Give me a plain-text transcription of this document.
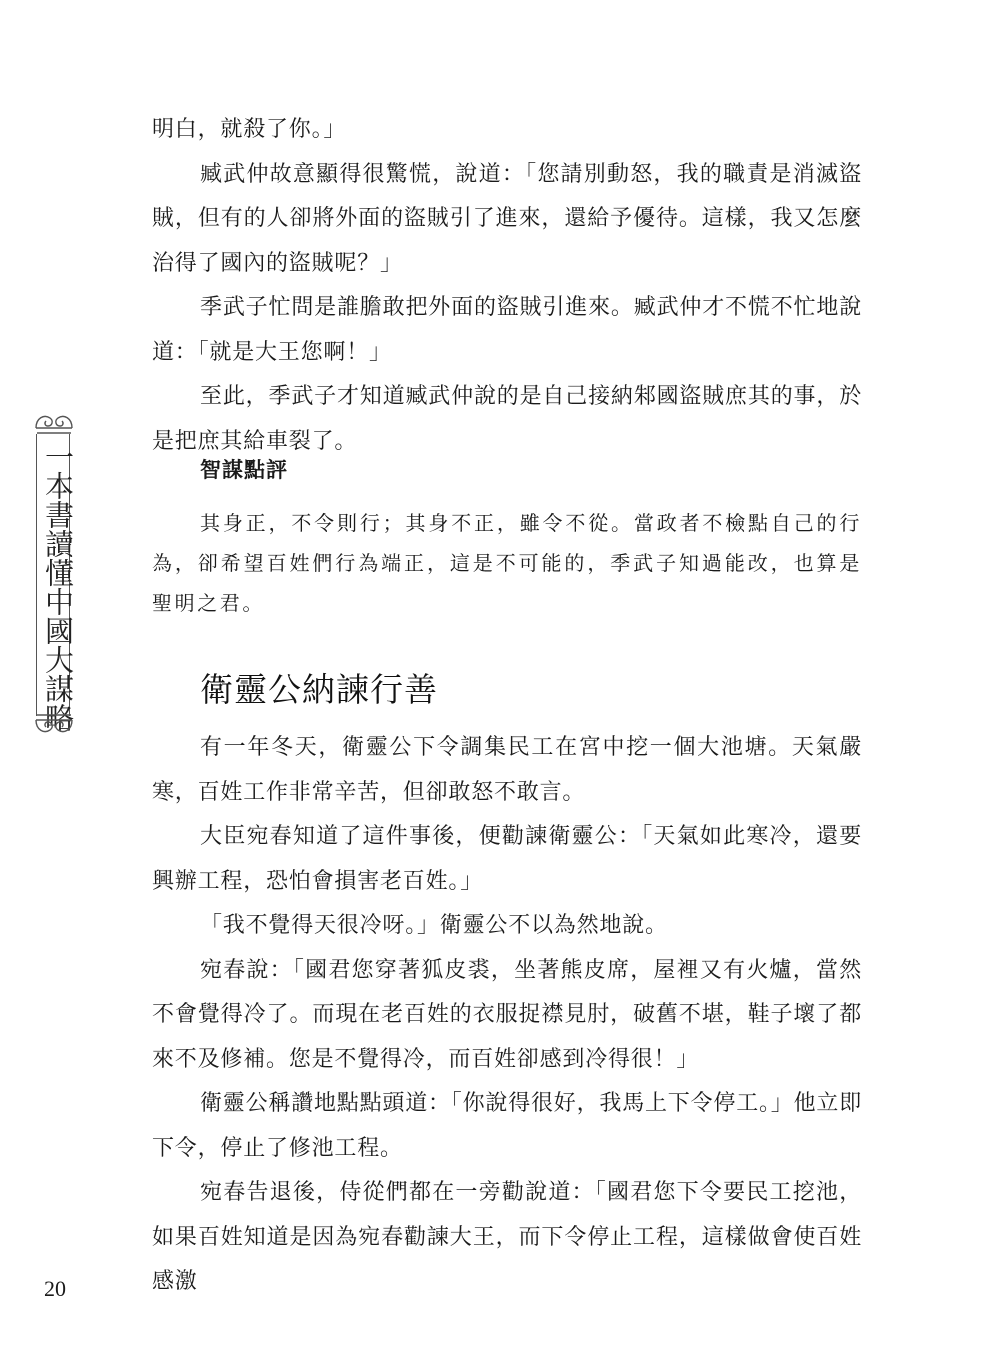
一本書讀懂中國大謀略

明白，就殺了你。」

臧武仲故意顯得很驚慌，說道：「您請別動怒，我的職責是消滅盜賊，但有的人卻將外面的盜賊引了進來，還給予優待。這樣，我又怎麼治得了國內的盜賊呢？」

季武子忙問是誰膽敢把外面的盜賊引進來。臧武仲才不慌不忙地說道：「就是大王您啊！」

至此，季武子才知道臧武仲說的是自己接納邾國盜賊庶其的事，於是把庶其給車裂了。

智謀點評

其身正，不令則行；其身不正，雖令不從。當政者不檢點自己的行為，卻希望百姓們行為端正，這是不可能的，季武子知過能改，也算是聖明之君。

衛靈公納諫行善

有一年冬天，衛靈公下令調集民工在宮中挖一個大池塘。天氣嚴寒，百姓工作非常辛苦，但卻敢怒不敢言。

大臣宛春知道了這件事後，便勸諫衛靈公：「天氣如此寒冷，還要興辦工程，恐怕會損害老百姓。」

「我不覺得天很冷呀。」衛靈公不以為然地說。

宛春說：「國君您穿著狐皮裘，坐著熊皮席，屋裡又有火爐，當然不會覺得冷了。而現在老百姓的衣服捉襟見肘，破舊不堪，鞋子壞了都來不及修補。您是不覺得冷，而百姓卻感到冷得很！」

衛靈公稱讚地點點頭道：「你說得很好，我馬上下令停工。」他立即下令，停止了修池工程。

宛春告退後，侍從們都在一旁勸說道：「國君您下令要民工挖池，如果百姓知道是因為宛春勸諫大王，而下令停止工程，這樣做會使百姓感激

20
